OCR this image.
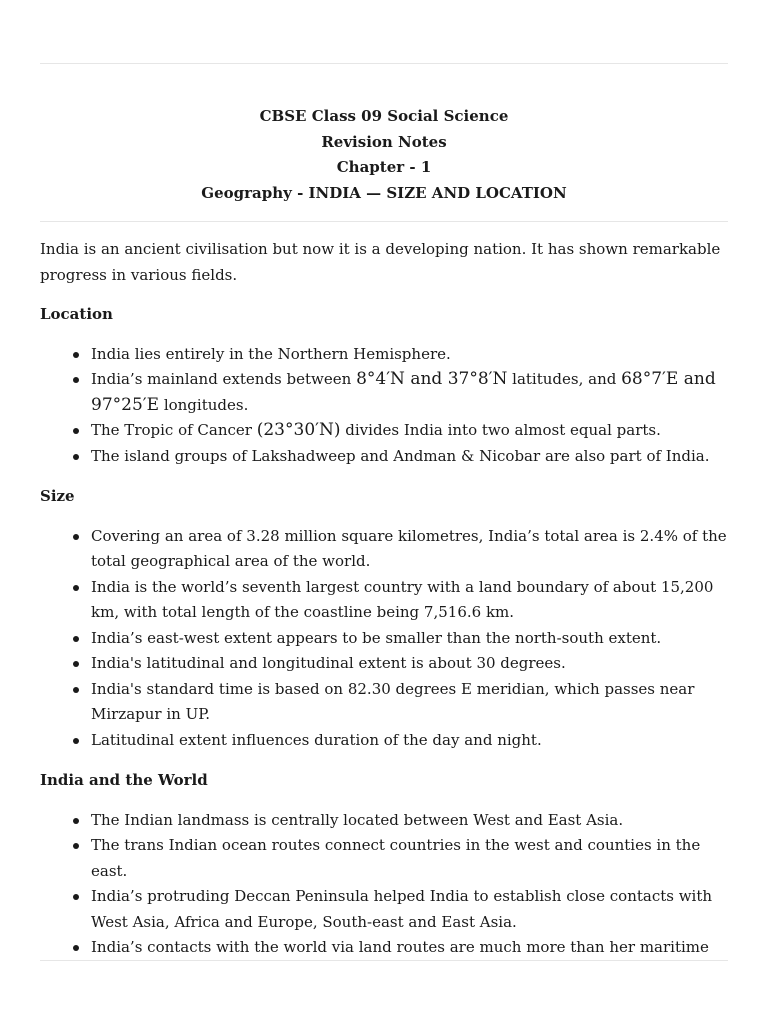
CBSE Class 09 Social Science
Revision Notes
Chapter - 1
Geography - INDIA — SIZE AND LOCATION

India is an ancient civilisation but now it is a developing nation. It has shown remarkable progress in various fields.

Location
India lies entirely in the Northern Hemisphere.
India’s mainland extends between 8°4′N and 37°8′N latitudes, and 68°7′E and 97°25′E longitudes.
The Tropic of Cancer (23°30′N) divides India into two almost equal parts.
The island groups of Lakshadweep and Andman & Nicobar are also part of India.
Size
Covering an area of 3.28 million square kilometres, India’s total area is 2.4% of the total geographical area of the world.
India is the world’s seventh largest country with a land boundary of about 15,200 km, with total length of the coastline being 7,516.6 km.
India’s east-west extent appears to be smaller than the north-south extent.
India's latitudinal and longitudinal extent is about 30 degrees.
India's standard time is based on 82.30 degrees E meridian, which passes near Mirzapur in UP.
Latitudinal extent influences duration of the day and night.
India and the World
The Indian landmass is centrally located between West and East Asia.
The trans Indian ocean routes connect countries in the west and counties in the east.
India’s protruding Deccan Peninsula helped India to establish close contacts with West Asia, Africa and Europe, South-east and East Asia.
India’s contacts with the world via land routes are much more than her maritime
